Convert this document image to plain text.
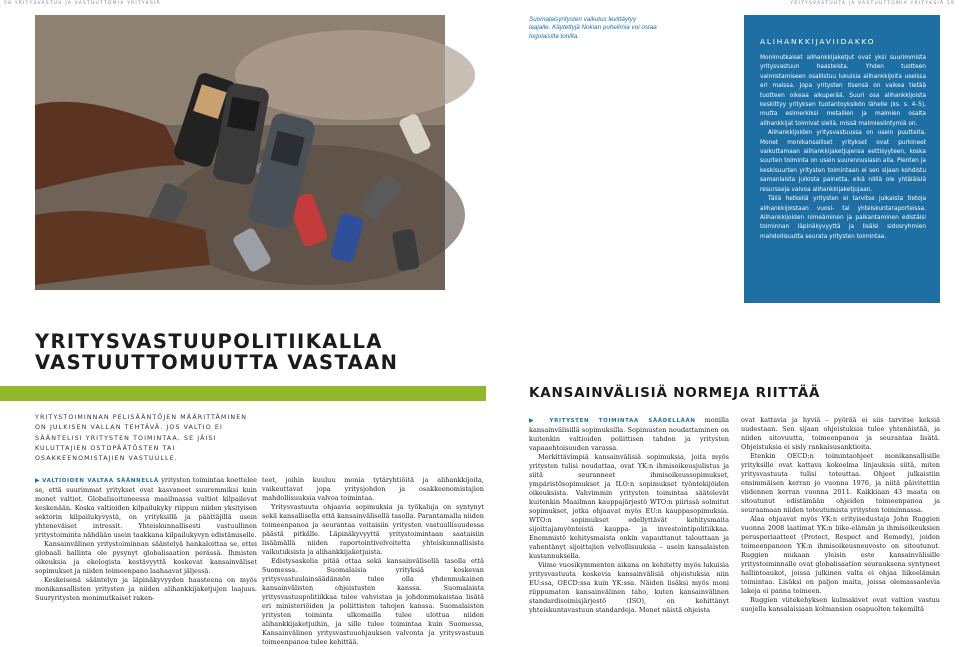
58 YRITYSVASTUU JA VASTUUTTOMIA YRITYKSIÄ	YRITYSVASTUUTA JA VASTUUTTOMIA YRITYKSIÄ 59
KUVA: KALLIO
Suomalaisyritysten vaikutus levittäytyy laajalle. Käytettyjä Nokian puhelimia voi ostaa togolaisilta toriilta.
ALIHANKKIJAVIIDAKKO

Monimutkaiset alihankkijaketjut ovat yksi suurimmista yritysvastuun haasteista. Yhden tuotteen valmistamiseen osallistuu lukuisia alihankkijoita useissa eri maissa. Jopa yritysten itsensä on vaikea tietää tuotteen oikeaa alkuperää. Suuri osa alihankkijoista keskittyy yrityksen tuotantoyksikön lähelle (ks. s. 4–5), mutta esimerkiksi metallien ja malmien osalta alihankkijat toimivat siellä, missä malmiesiintymiä on.

Alihankkijoiden yritysvastuussa on usein puutteita. Monet monikansalliset yritykset ovat purkineet vaikuttamaan alihankkijaketjujensa eettisyyteen, koska suurten toiminta on usein suurennuslasin alla. Pienten ja keskisuurten yritysten toimintaan ei sen sijaan kohdistu samanlaista julkista painetta, eikä niillä ole yhtäläisiä resursseja valvoa alihankkijaketjujaan.

Tällä hetkellä yritysten ei tarvitse julkaista tietoja alihankkijoistaan vuosi- tai yhteiskuntaraporteissa. Alihankkijoiden nimeäminen ja paikantaminen edistäisi toiminnan läpinäkyvyyttä ja lisäisi sidosryhmien mahdollisuutta seurata yritysten toimintaa.

YRITYSVASTUUPOLITIIKALLA
VASTUUTTOMUUTTA VASTAAN
KANSAINVÄLISIÄ NORMEJA RIITTÄÄ
YRITYSTOIMINNAN PELISÄÄNTÖJEN MÄÄRITTÄMINEN ON JULKISEN VALLAN TEHTÄVÄ. JOS VALTIO EI SÄÄNTELISI YRITYSTEN TOIMINTAA, SE JÄISI KULUTTAJIEN OSTOPÄÄTÖSTEN TAI OSAKKEENOMISTAJIEN VASTUULLE.

▶ VALTIOIDEN VALTAA SÄÄNNELLÄ yritysten toimintaa koettelee se, että suurimmat yritykset ovat kasvaneet suuremmiksi kuin monet valtiot. Globalisoituneessa maailmassa valtiot kilpailevat keskenään. Koska valtioiden kilpailukyky riippuu niiden yksityisen sektorin kilpailukyvystä, on yrityksillä ja päättäjillä usein yhteneväiset intressit. Yhteiskunnallisesti vastuullinen yritystoiminta nähdään usein taakkana kilpailukyvyn edistämiselle.

Kansainvälinen yritystoiminnan sääntelyä hankaloittaa se, ettei globaali hallinta ole pysynyt globalisaation perässä. Ihmisten oikeuksia ja ekologista kestävyyttä koskevat kansainväliset sopimukset ja niiden toimeenpano laahaavat jäljessä.

Keskeisenä sääntelyn ja läpinäkyvyyden haasteena on myös monikansallisten yritysten ja niiden alihankkijaketjujen laajuus. Suuryritysten monimutkaiset raken-

teet, joihin kuuluu monia tytäryhtiöitä ja alihankkijoita, vaikeuttavat jopa yritysjohdon ja osakkeenomistajien mahdollisuuksia valvoa toimintaa.

Yritysvastuuta ohjaavia sopimuksia ja työkaluja on syntynyt sekä kansallisella että kansainvälisellä tasolla. Parantamalla niiden toimeenpanoa ja seurantaa voitaisiin yritysten vastuullisuudessa päästä pitkälle. Läpinäkyvyyttä yritystoimintaan saataisiin lisäämällä niiden raportointivelvoitetta yhteiskunnallisista vaikutuksista ja alihankkijaketjuista.

Edistysaskelia pitää ottaa sekä kansainvälisellä tasolla että Suomessa. Suomalaisia yrityksiä koskevan yritysvastuulainsäädännön tulee olla yhdenmukainen kansainvälisten ohjeistusten kanssa. Suomalaista yritysvastuupolitiikkaa tulee vahvistaa ja johdonmukaistaa lisätä eri ministeriöiden ja poliittisten tahojen kanssa. Suomalaisten yritysten toiminta ulkomailla tulee ulottua niiden alihankkijaketjuihin, ja sille tulee toimintaa kuin Suomessa, Kansainvälinen yritysvastuuohjauksen valvonta ja yritysvastuun toimeenpanoa tulee kehittää.

▶ YRITYSTEN TOIMINTAA SÄÄDELLÄÄN monilla kansainvälisillä sopimuksilla. Sopimusten noudattaminen on kuitenkin valtioiden poliittisen tahdon ja yritysten vapaaehtoisuuden varassa.

Merkittävimpiä kansainvälisiä sopimuksia, joita myös yritysten tulisi noudattaa, ovat YK:n ihmisoikeusjulistus ja siitä seuranneet ihmisoikeussopimukset, ympäristösopimukset ja ILO:n sopimukset työntekijöiden oikeuksista. Vahvimmin yritysten toimintaa säätelevät kuitenkin Maailman kauppajärjestö WTO:n piirissä solmitut sopimukset, jotka ohjaavat myös EU:n kauppasopimuksia. WTO:n sopimukset edellyttävät kehitysmaita sijoittajamyönteistä kauppa- ja investointipolitiikkaa. Enemmistö kehitysmaista onkin vapauttanut talouttaan ja vahentänyt sijoittajien velvollisuuksia – usein kansalaisten kustannuksella.

Viime vuosikymmenten aikana on kehitetty myös lukuisia yritysvastuuta koskevia kansainvälisiä ohjeistuksia niin EU:ssa, OECD:ssa kuin YK:ssa. Näiden lisäksi myös moni riippumaton kansainvälinen taho, kuten kansainvälinen standardisoimisjärjestö (ISO), on kehittänyt yhteiskuntavastuun standardeja. Monet näistä ohjeista

ovat kattavia ja hyviä – pyörää ei siis tarvitse keksiä uudestaan. Sen sijaan ohjeistuksia tulee yhtenäistää, ja niiden sitovuutta, toimeenpanoa ja seurantaa lisätä. Ohjeistuksia ei sisly rankaisusanktioita.

Etenkin OECD:n toimintaohjeet monikansallisille yrityksille ovat kattava kokoelma linjauksia siitä, miten yritysvastuuta tulisi toteuttaa. Ohjeet julkaistiin ensimmäisen kerran jo vuonna 1976, ja niitä päivitettiin viidennen kerran vuonna 2011. Kaikkiaan 43 maata on sitoutunut edistämään ohjeiden toimeenpanoa ja seuraamaan niiden toteutumista yritysten toiminnassa.

Alaa ohjaavat myös YK:n erityisedustaja John Ruggien vuonna 2008 laatimat YK:n liike-elämän ja ihmisoikeuksien perusperiaatteet (Protect, Respect and Remedy), joiden toimeenpanoon YK:n ihmisoikeusneuvosto on sitoutunut. Ruggien mukaan yleisin este kansainvälisille yritystoiminnalle ovat globalisaation seurauksena syntyneet hallintoaukot, joissa julkinen valta ei ohjaa liikeelämän toimintaa. Lisäksi on paljon maita, joissa olemassaolevia lakeja ei panna toimeen.

Ruggien viitekehyksen kulmakivet ovat valtion vastuu suojella kansalaisiaan kolmansien osapuolten tekemiltä
